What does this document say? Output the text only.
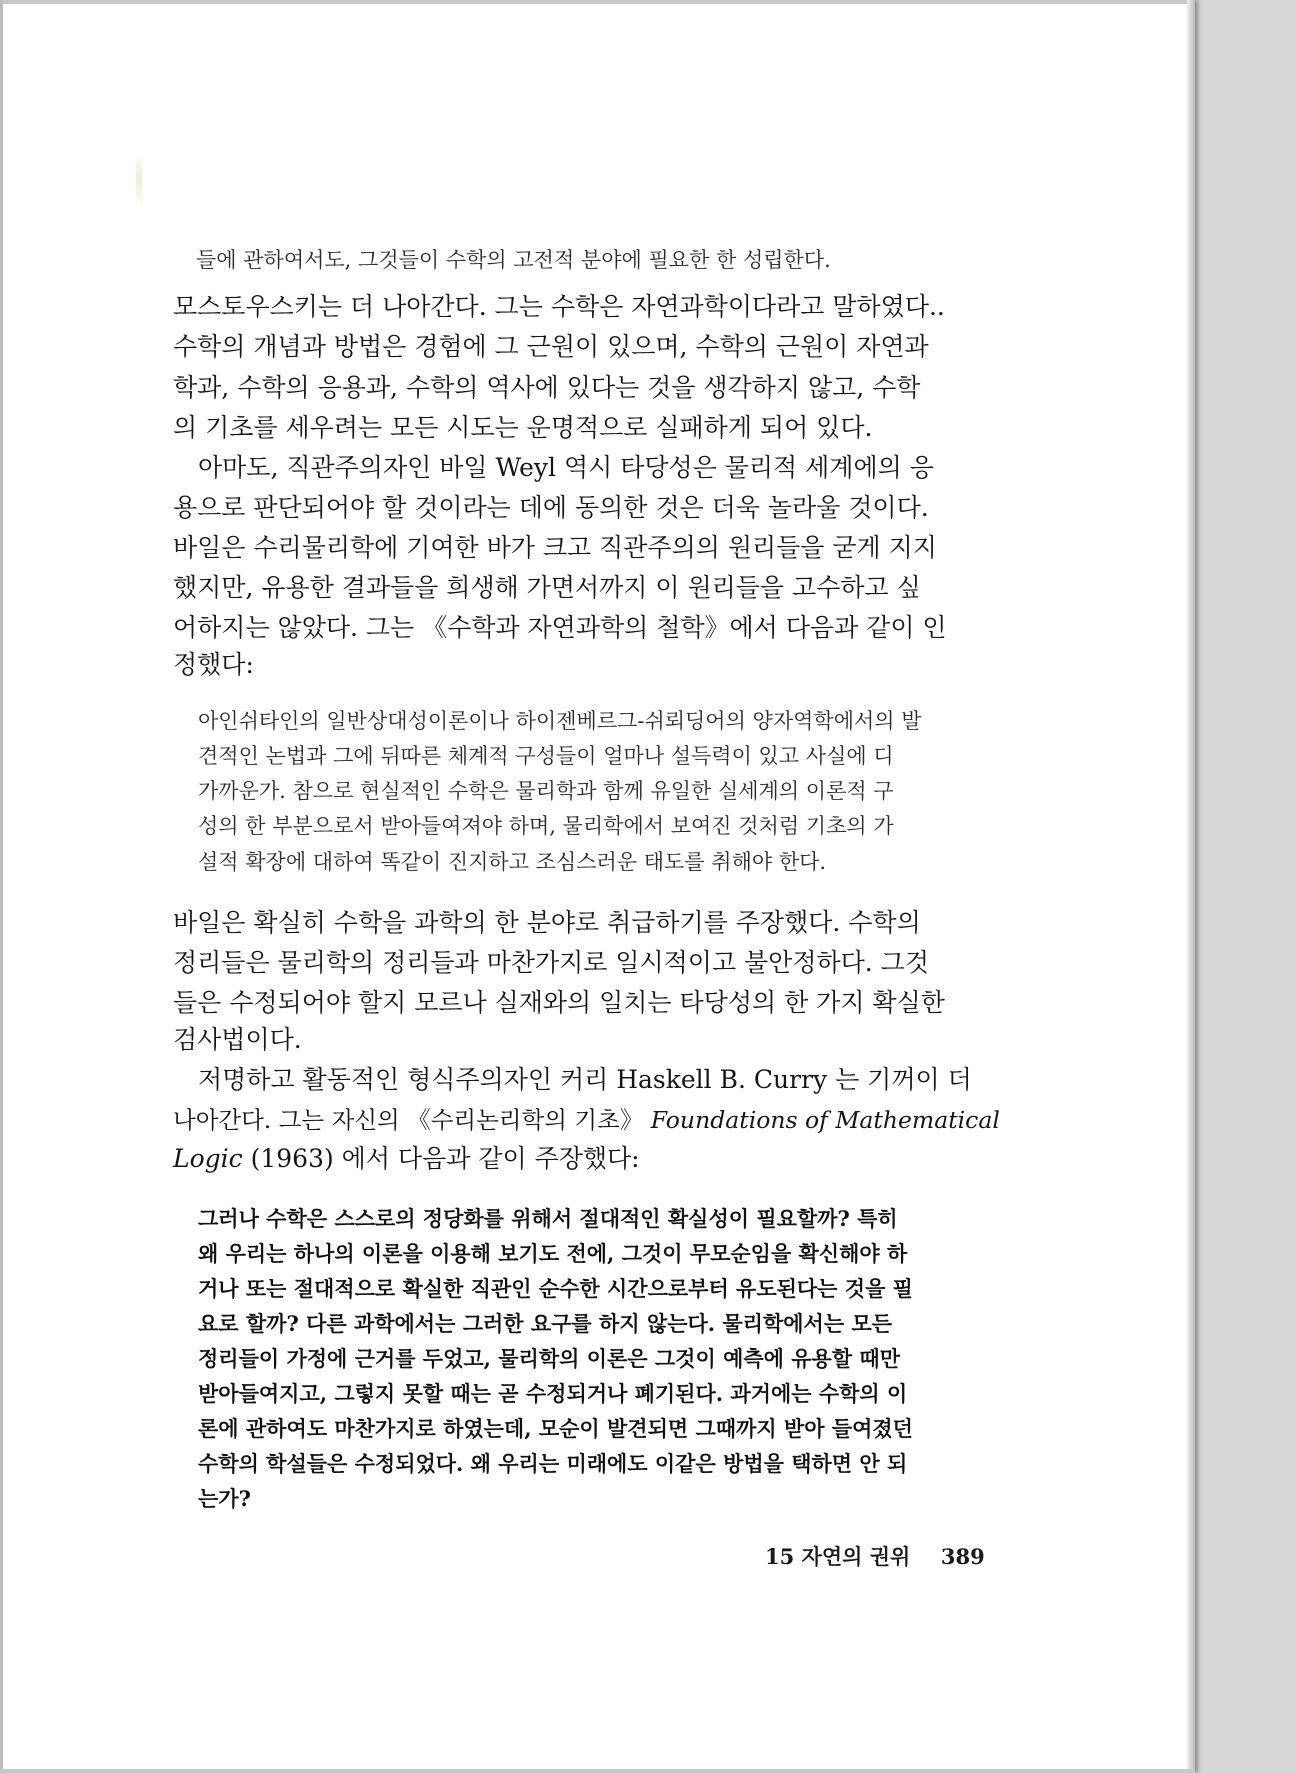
들에 관하여서도, 그것들이 수학의 고전적 분야에 필요한 한 성립한다.
모스토우스키는 더 나아간다. 그는 수학은 자연과학이다라고 말하였다..
수학의 개념과 방법은 경험에 그 근원이 있으며, 수학의 근원이 자연과
학과, 수학의 응용과, 수학의 역사에 있다는 것을 생각하지 않고, 수학
의 기초를 세우려는 모든 시도는 운명적으로 실패하게 되어 있다.
아마도, 직관주의자인 바일 Weyl 역시 타당성은 물리적 세계에의 응
용으로 판단되어야 할 것이라는 데에 동의한 것은 더욱 놀라울 것이다.
바일은 수리물리학에 기여한 바가 크고 직관주의의 원리들을 굳게 지지
했지만, 유용한 결과들을 희생해 가면서까지 이 원리들을 고수하고 싶
어하지는 않았다. 그는 《수학과 자연과학의 철학》에서 다음과 같이 인
정했다:
아인쉬타인의 일반상대성이론이나 하이젠베르그-쉬뢰딩어의 양자역학에서의 발
견적인 논법과 그에 뒤따른 체계적 구성들이 얼마나 설득력이 있고 사실에 디
가까운가. 참으로 현실적인 수학은 물리학과 함께 유일한 실세계의 이론적 구
성의 한 부분으로서 받아들여져야 하며, 물리학에서 보여진 것처럼 기초의 가
설적 확장에 대하여 똑같이 진지하고 조심스러운 태도를 취해야 한다.
바일은 확실히 수학을 과학의 한 분야로 취급하기를 주장했다. 수학의
정리들은 물리학의 정리들과 마찬가지로 일시적이고 불안정하다. 그것
들은 수정되어야 할지 모르나 실재와의 일치는 타당성의 한 가지 확실한
검사법이다.
저명하고 활동적인 형식주의자인 커리 Haskell B. Curry 는 기꺼이 더
나아간다. 그는 자신의 《수리논리학의 기초》 Foundations of Mathematical
Logic (1963) 에서 다음과 같이 주장했다:
그러나 수학은 스스로의 정당화를 위해서 절대적인 확실성이 필요할까? 특히
왜 우리는 하나의 이론을 이용해 보기도 전에, 그것이 무모순임을 확신해야 하
거나 또는 절대적으로 확실한 직관인 순수한 시간으로부터 유도된다는 것을 필
요로 할까? 다른 과학에서는 그러한 요구를 하지 않는다. 물리학에서는 모든
정리들이 가정에 근거를 두었고, 물리학의 이론은 그것이 예측에 유용할 때만
받아들여지고, 그렇지 못할 때는 곧 수정되거나 폐기된다. 과거에는 수학의 이
론에 관하여도 마찬가지로 하였는데, 모순이 발견되면 그때까지 받아 들여졌던
수학의 학설들은 수정되었다. 왜 우리는 미래에도 이같은 방법을 택하면 안 되
는가?
15 자연의 권위 389
